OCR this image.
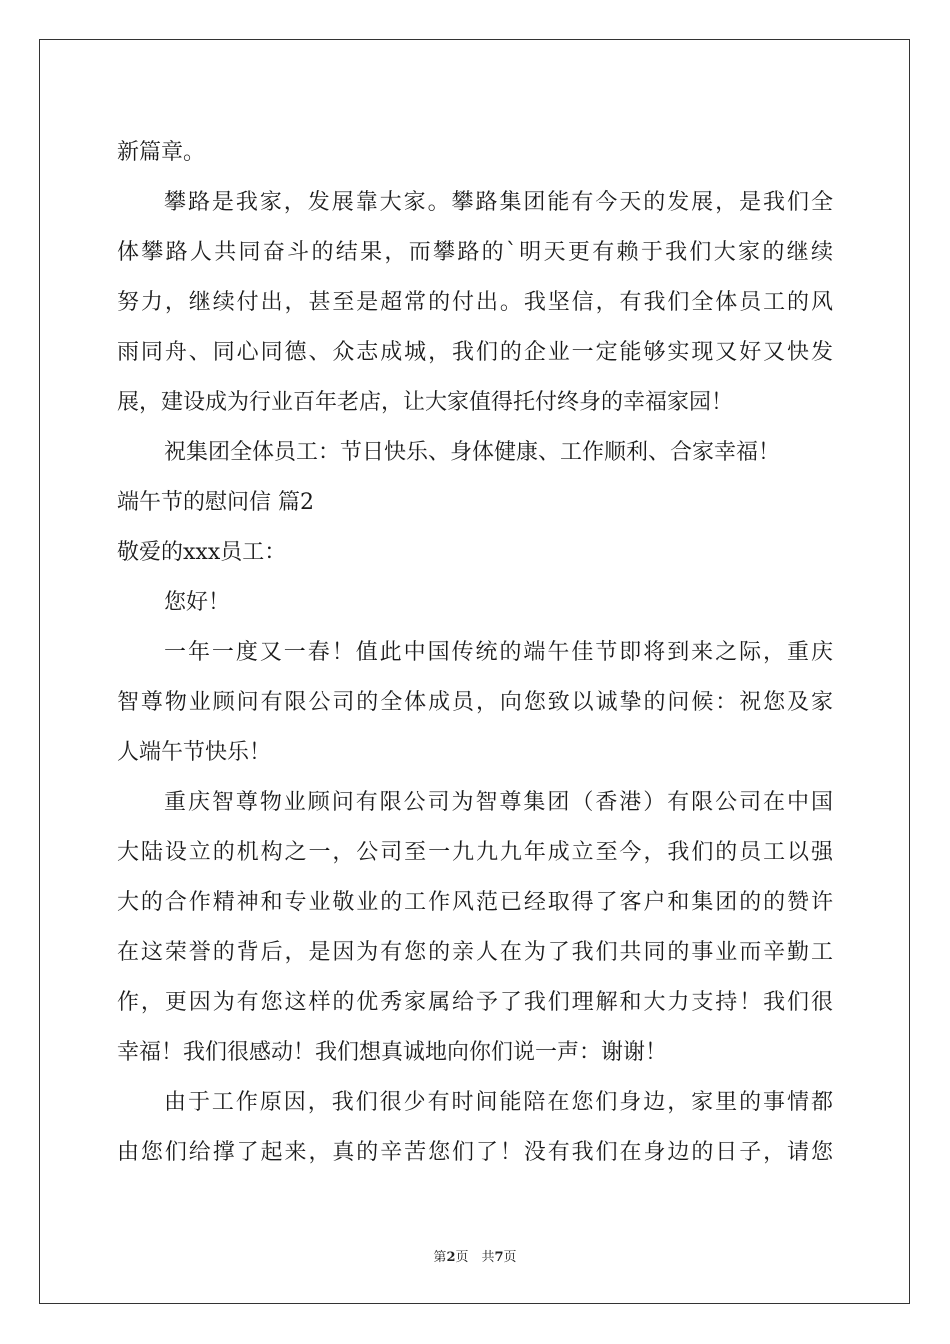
新篇章。
攀路是我家，发展靠大家。攀路集团能有今天的发展，是我们全
体攀路人共同奋斗的结果，而攀路的`明天更有赖于我们大家的继续
努力，继续付出，甚至是超常的付出。我坚信，有我们全体员工的风
雨同舟、同心同德、众志成城，我们的企业一定能够实现又好又快发
展，建设成为行业百年老店，让大家值得托付终身的幸福家园！
祝集团全体员工：节日快乐、身体健康、工作顺利、合家幸福！
端午节的慰问信 篇2
敬爱的xxx员工：
您好！
一年一度又一春！值此中国传统的端午佳节即将到来之际，重庆
智尊物业顾问有限公司的全体成员，向您致以诚挚的问候：祝您及家
人端午节快乐！
重庆智尊物业顾问有限公司为智尊集团（香港）有限公司在中国
大陆设立的机构之一，公司至一九九九年成立至今，我们的员工以强
大的合作精神和专业敬业的工作风范已经取得了客户和集团的的赞许
在这荣誉的背后，是因为有您的亲人在为了我们共同的事业而辛勤工
作，更因为有您这样的优秀家属给予了我们理解和大力支持！我们很
幸福！我们很感动！我们想真诚地向你们说一声：谢谢！
由于工作原因，我们很少有时间能陪在您们身边，家里的事情都
由您们给撑了起来，真的辛苦您们了！没有我们在身边的日子，请您
第2页　共7页
